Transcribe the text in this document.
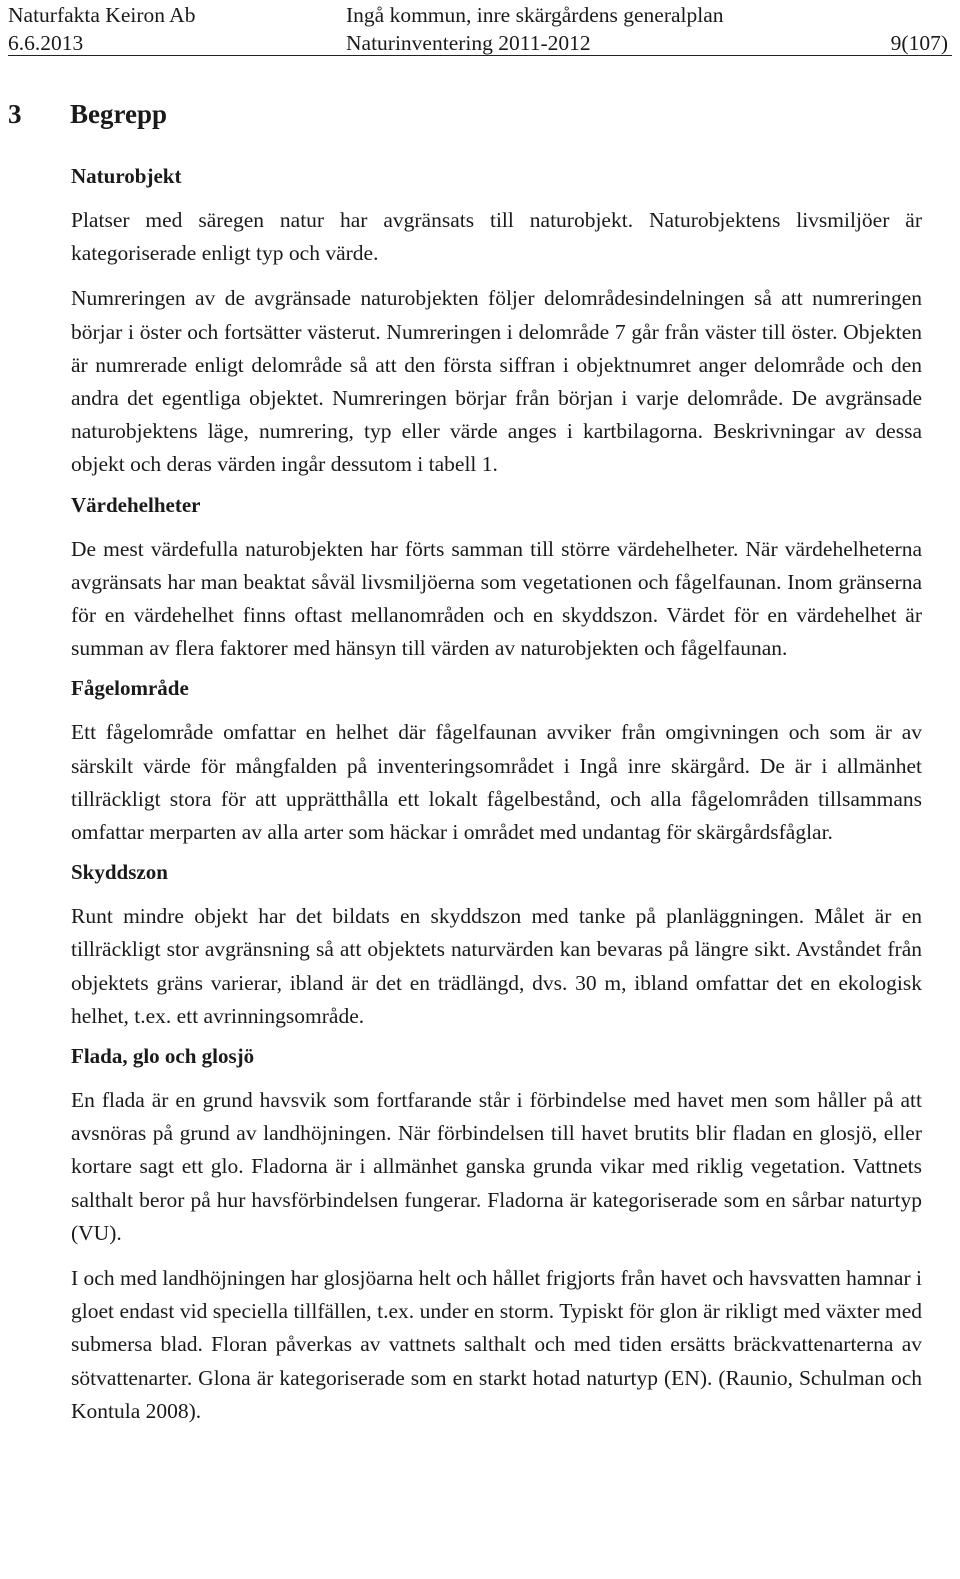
Naturfakta Keiron Ab	Ingå kommun, inre skärgårdens generalplan
6.6.2013	Naturinventering 2011-2012	9(107)
3 Begrepp
Naturobjekt

Platser med säregen natur har avgränsats till naturobjekt. Naturobjektens livsmiljöer är kategoriserade enligt typ och värde.

Numreringen av de avgränsade naturobjekten följer delområdesindelningen så att numreringen börjar i öster och fortsätter västerut. Numreringen i delområde 7 går från väster till öster. Objekten är numrerade enligt delområde så att den första siffran i objektnumret anger delområde och den andra det egentliga objektet. Numreringen börjar från början i varje delområde. De avgränsade naturobjektens läge, numrering, typ eller värde anges i kartbilagorna. Beskrivningar av dessa objekt och deras värden ingår dessutom i tabell 1.

Värdehelheter

De mest värdefulla naturobjekten har förts samman till större värdehelheter. När värdehelheterna avgränsats har man beaktat såväl livsmiljöerna som vegetationen och fågelfaunan. Inom gränserna för en värdehelhet finns oftast mellanområden och en skyddszon. Värdet för en värdehelhet är summan av flera faktorer med hänsyn till värden av naturobjekten och fågelfaunan.

Fågelområde

Ett fågelområde omfattar en helhet där fågelfaunan avviker från omgivningen och som är av särskilt värde för mångfalden på inventeringsområdet i Ingå inre skärgård. De är i allmänhet tillräckligt stora för att upprätthålla ett lokalt fågelbestånd, och alla fågelområden tillsammans omfattar merparten av alla arter som häckar i området med undantag för skärgårdsfåglar.

Skyddszon

Runt mindre objekt har det bildats en skyddszon med tanke på planläggningen. Målet är en tillräckligt stor avgränsning så att objektets naturvärden kan bevaras på längre sikt. Avståndet från objektets gräns varierar, ibland är det en trädlängd, dvs. 30 m, ibland omfattar det en ekologisk helhet, t.ex. ett avrinningsområde.

Flada, glo och glosjö

En flada är en grund havsvik som fortfarande står i förbindelse med havet men som håller på att avsnöras på grund av landhöjningen. När förbindelsen till havet brutits blir fladan en glosjö, eller kortare sagt ett glo. Fladorna är i allmänhet ganska grunda vikar med riklig vegetation. Vattnets salthalt beror på hur havsförbindelsen fungerar. Fladorna är kategoriserade som en sårbar naturtyp (VU).

I och med landhöjningen har glosjöarna helt och hållet frigjorts från havet och havsvatten hamnar i gloet endast vid speciella tillfällen, t.ex. under en storm. Typiskt för glon är rikligt med växter med submersa blad. Floran påverkas av vattnets salthalt och med tiden ersätts bräckvattenarterna av sötvattenarter. Glona är kategoriserade som en starkt hotad naturtyp (EN). (Raunio, Schulman och Kontula 2008).
